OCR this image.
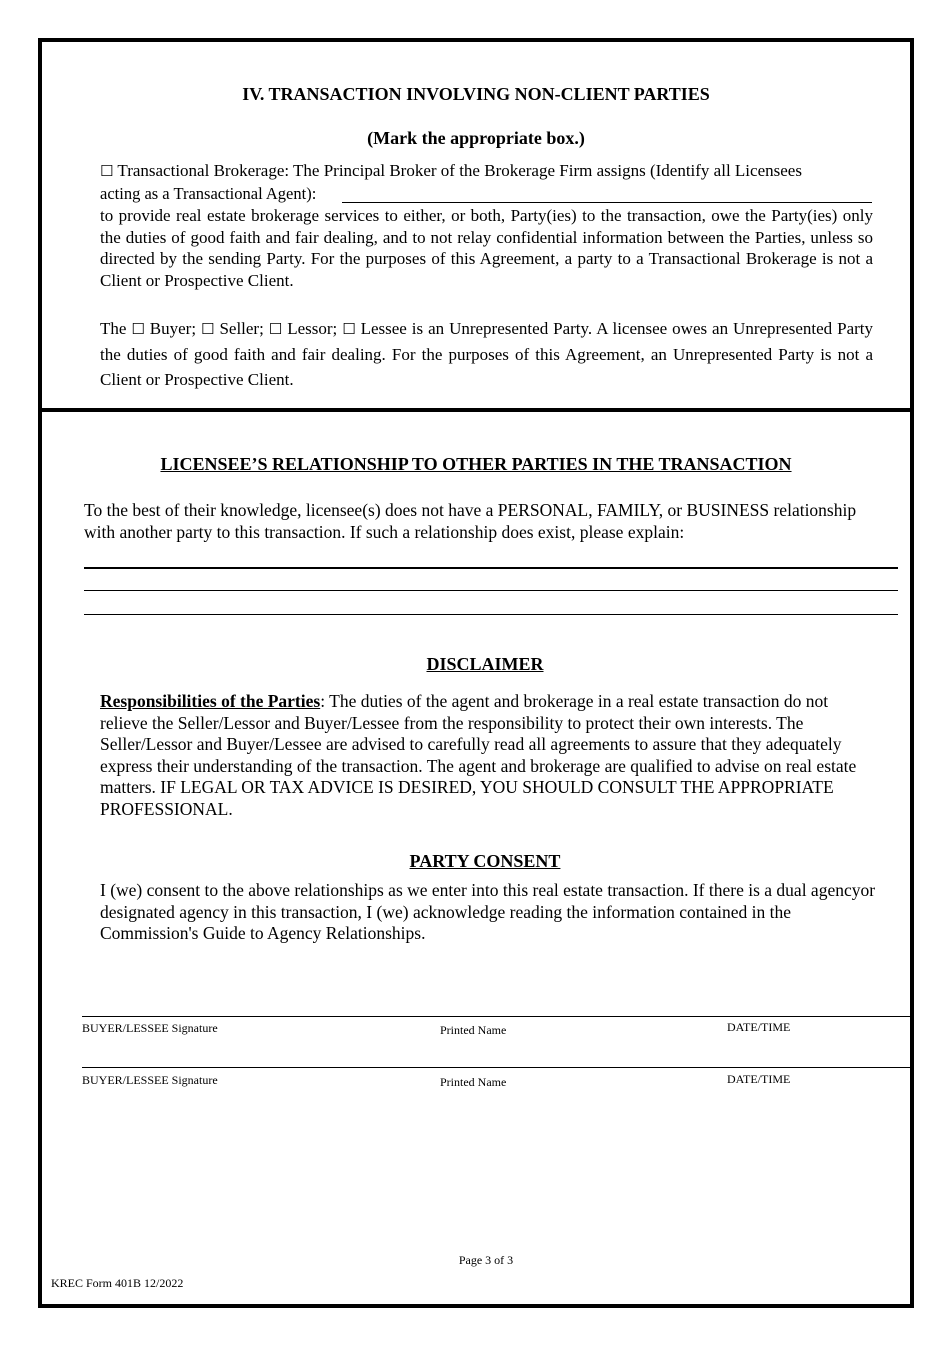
IV. TRANSACTION INVOLVING NON-CLIENT PARTIES
(Mark the appropriate box.)
☐ Transactional Brokerage: The Principal Broker of the Brokerage Firm assigns (Identify all Licensees
acting as a Transactional Agent):
to provide real estate brokerage services to either, or both, Party(ies) to the transaction, owe the Party(ies) only the duties of good faith and fair dealing, and to not relay confidential information between the Parties, unless so directed by the sending Party. For the purposes of this Agreement, a party to a Transactional Brokerage is not a Client or Prospective Client.
The ☐ Buyer; ☐ Seller; ☐ Lessor; ☐ Lessee is an Unrepresented Party. A licensee owes an Unrepresented Party the duties of good faith and fair dealing. For the purposes of this Agreement, an Unrepresented Party is not a Client or Prospective Client.
LICENSEE’S RELATIONSHIP TO OTHER PARTIES IN THE TRANSACTION
To the best of their knowledge, licensee(s) does not have a PERSONAL, FAMILY, or BUSINESS relationship with another party to this transaction. If such a relationship does exist, please explain:
DISCLAIMER
Responsibilities of the Parties: The duties of the agent and brokerage in a real estate transaction do not relieve the Seller/Lessor and Buyer/Lessee from the responsibility to protect their own interests. The Seller/Lessor and Buyer/Lessee are advised to carefully read all agreements to assure that they adequately express their understanding of the transaction. The agent and brokerage are qualified to advise on real estate matters. IF LEGAL OR TAX ADVICE IS DESIRED, YOU SHOULD CONSULT THE APPROPRIATE PROFESSIONAL.
PARTY CONSENT
I (we) consent to the above relationships as we enter into this real estate transaction. If there is a dual agencyor designated agency in this transaction, I (we) acknowledge reading the information contained in the Commission's Guide to Agency Relationships.
BUYER/LESSEE Signature	Printed Name	DATE/TIME
BUYER/LESSEE Signature	Printed Name	DATE/TIME
Page 3 of 3
KREC Form 401B 12/2022
